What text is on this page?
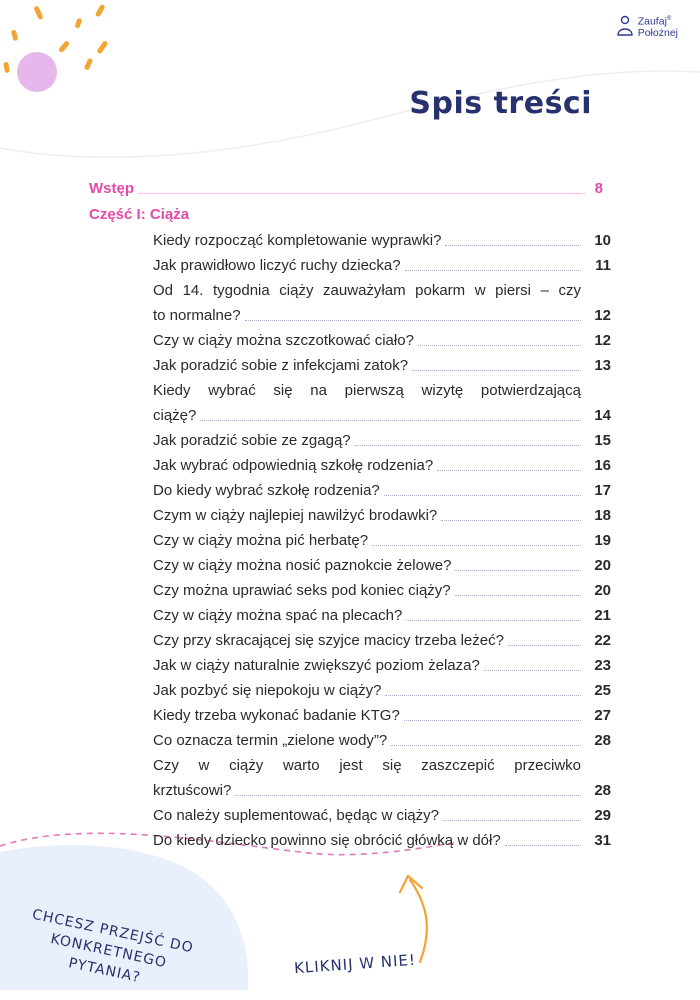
Zaufaj®
Położnej
Spis treści
Wstęp	8
Część I: Ciąża
Kiedy rozpocząć kompletowanie wyprawki?	10
Jak prawidłowo liczyć ruchy dziecka?	11
Od 14. tygodnia ciąży zauważyłam pokarm w piersi – czy
to normalne?	12
Czy w ciąży można szczotkować ciało?	12
Jak poradzić sobie z infekcjami zatok?	13
Kiedy wybrać się na pierwszą wizytę potwierdzającą
ciążę?	14
Jak poradzić sobie ze zgagą?	15
Jak wybrać odpowiednią szkołę rodzenia?	16
Do kiedy wybrać szkołę rodzenia?	17
Czym w ciąży najlepiej nawilżyć brodawki?	18
Czy w ciąży można pić herbatę?	19
Czy w ciąży można nosić paznokcie żelowe?	20
Czy można uprawiać seks pod koniec ciąży?	20
Czy w ciąży można spać na plecach?	21
Czy przy skracającej się szyjce macicy trzeba leżeć?	22
Jak w ciąży naturalnie zwiększyć poziom żelaza?	23
Jak pozbyć się niepokoju w ciąży?	25
Kiedy trzeba wykonać badanie KTG?	27
Co oznacza termin „zielone wody”?	28
Czy w ciąży warto jest się zaszczepić przeciwko
krztuścowi?	28
Co należy suplementować, będąc w ciąży?	29
Do kiedy dziecko powinno się obrócić główką w dół?	31
CHCESZ PRZEJŚĆ DO KONKRETNEGO PYTANIA?	KLIKNIJ W NIE!
